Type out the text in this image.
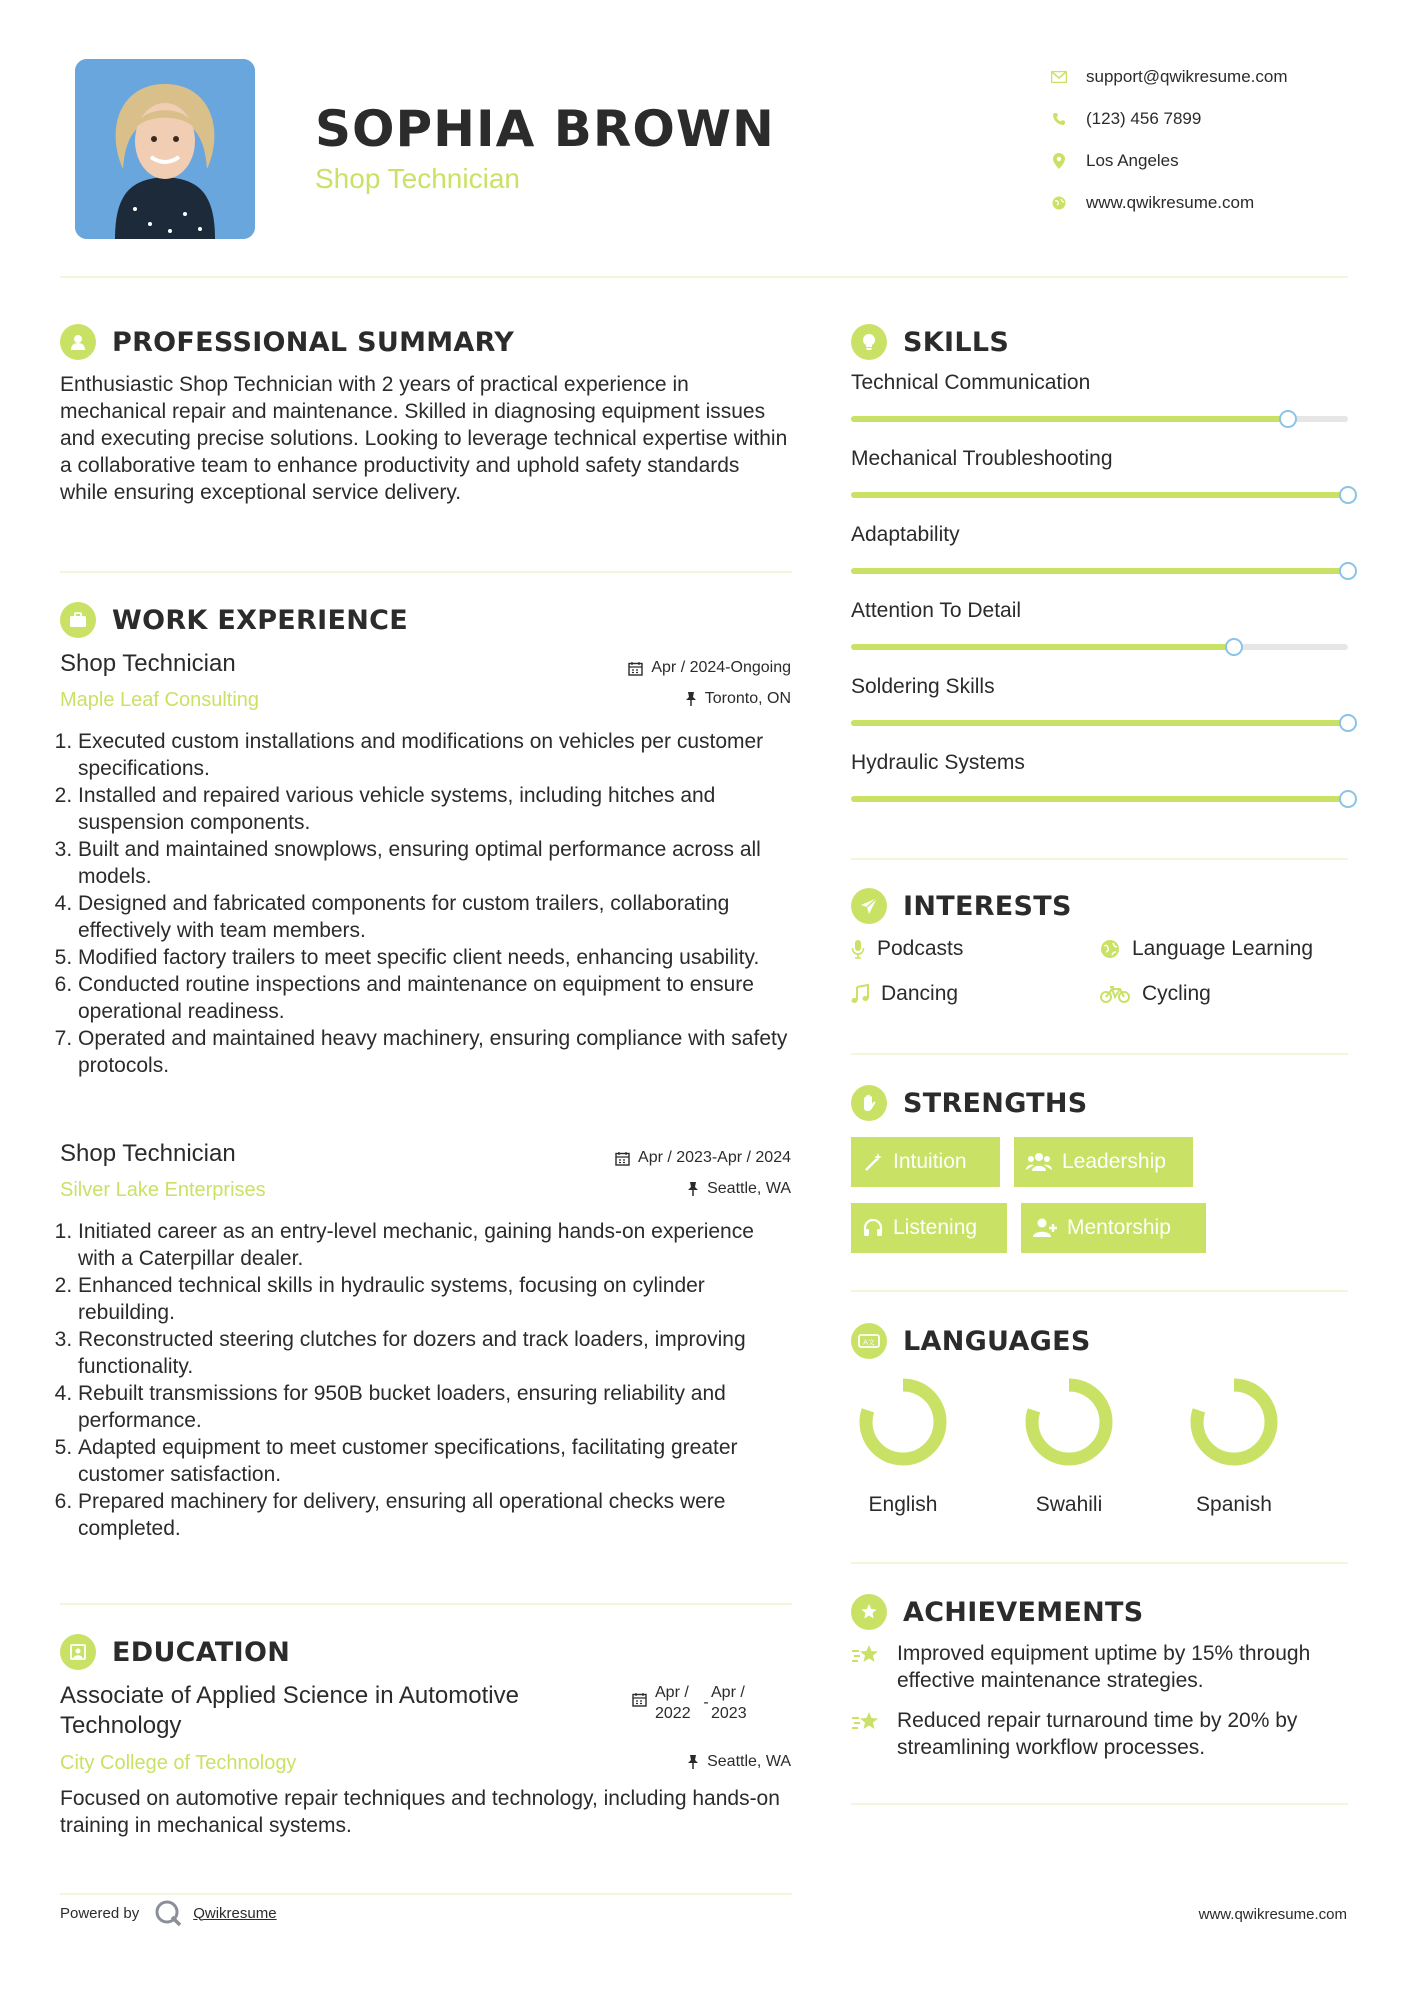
SOPHIA BROWN
Shop Technician
support@qwikresume.com
(123) 456 7899
Los Angeles
www.qwikresume.com
PROFESSIONAL SUMMARY
Enthusiastic Shop Technician with 2 years of practical experience in mechanical repair and maintenance. Skilled in diagnosing equipment issues and executing precise solutions. Looking to leverage technical expertise within a collaborative team to enhance productivity and uphold safety standards while ensuring exceptional service delivery.
WORK EXPERIENCE
Shop Technician
Maple Leaf Consulting
Apr / 2024-Ongoing
Toronto, ON
1. Executed custom installations and modifications on vehicles per customer specifications.
2. Installed and repaired various vehicle systems, including hitches and suspension components.
3. Built and maintained snowplows, ensuring optimal performance across all models.
4. Designed and fabricated components for custom trailers, collaborating effectively with team members.
5. Modified factory trailers to meet specific client needs, enhancing usability.
6. Conducted routine inspections and maintenance on equipment to ensure operational readiness.
7. Operated and maintained heavy machinery, ensuring compliance with safety protocols.
Shop Technician
Silver Lake Enterprises
Apr / 2023-Apr / 2024
Seattle, WA
1. Initiated career as an entry-level mechanic, gaining hands-on experience with a Caterpillar dealer.
2. Enhanced technical skills in hydraulic systems, focusing on cylinder rebuilding.
3. Reconstructed steering clutches for dozers and track loaders, improving functionality.
4. Rebuilt transmissions for 950B bucket loaders, ensuring reliability and performance.
5. Adapted equipment to meet customer specifications, facilitating greater customer satisfaction.
6. Prepared machinery for delivery, ensuring all operational checks were completed.
EDUCATION
Associate of Applied Science in Automotive Technology
Apr / 2022
-
Apr / 2023
City College of Technology	Seattle, WA
Focused on automotive repair techniques and technology, including hands-on training in mechanical systems.
SKILLS
Technical Communication
Mechanical Troubleshooting
Adaptability
Attention To Detail
Soldering Skills
Hydraulic Systems
INTERESTS
Podcasts	Language Learning
Dancing	Cycling
STRENGTHS
Intuition	Leadership
Listening	Mentorship
A文 LANGUAGES
English	Swahili	Spanish
ACHIEVEMENTS
Improved equipment uptime by 15% through effective maintenance strategies.
Reduced repair turnaround time by 20% by streamlining workflow processes.
Powered by	Qwikresume	www.qwikresume.com
